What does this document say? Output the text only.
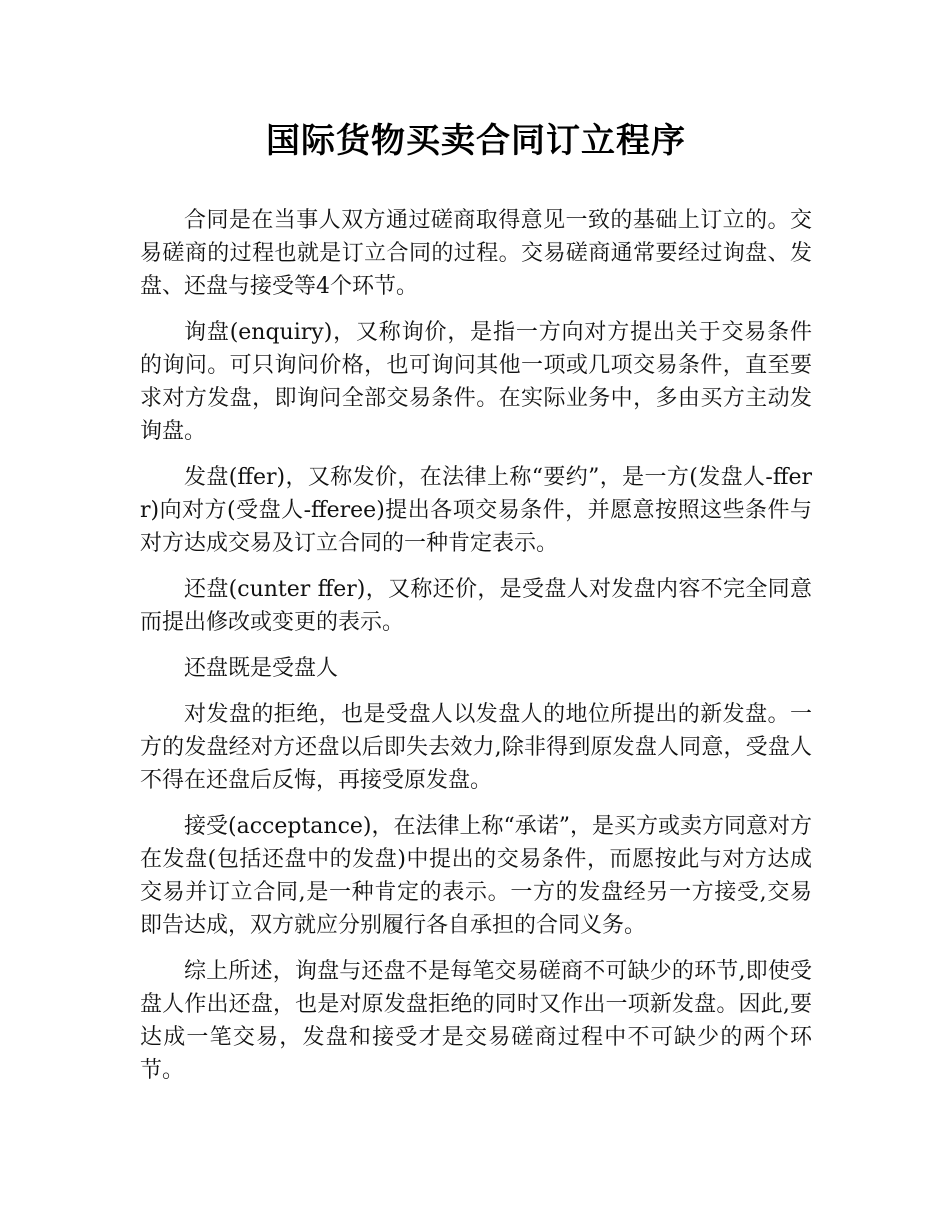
国际货物买卖合同订立程序

合同是在当事人双方通过磋商取得意见一致的基础上订立的。交易磋商的过程也就是订立合同的过程。交易磋商通常要经过询盘、发盘、还盘与接受等4个环节。

询盘(enquiry)，又称询价，是指一方向对方提出关于交易条件的询问。可只询问价格，也可询问其他一项或几项交易条件，直至要求对方发盘，即询问全部交易条件。在实际业务中，多由买方主动发询盘。

发盘(ffer)，又称发价，在法律上称“要约”，是一方(发盘人-fferr)向对方(受盘人-fferee)提出各项交易条件，并愿意按照这些条件与对方达成交易及订立合同的一种肯定表示。

还盘(cunter ffer)，又称还价，是受盘人对发盘内容不完全同意而提出修改或变更的表示。

还盘既是受盘人

对发盘的拒绝，也是受盘人以发盘人的地位所提出的新发盘。一方的发盘经对方还盘以后即失去效力,除非得到原发盘人同意，受盘人不得在还盘后反悔，再接受原发盘。

接受(acceptance)，在法律上称“承诺”，是买方或卖方同意对方在发盘(包括还盘中的发盘)中提出的交易条件，而愿按此与对方达成交易并订立合同,是一种肯定的表示。一方的发盘经另一方接受,交易即告达成，双方就应分别履行各自承担的合同义务。

综上所述，询盘与还盘不是每笔交易磋商不可缺少的环节,即使受盘人作出还盘，也是对原发盘拒绝的同时又作出一项新发盘。因此,要达成一笔交易，发盘和接受才是交易磋商过程中不可缺少的两个环节。
